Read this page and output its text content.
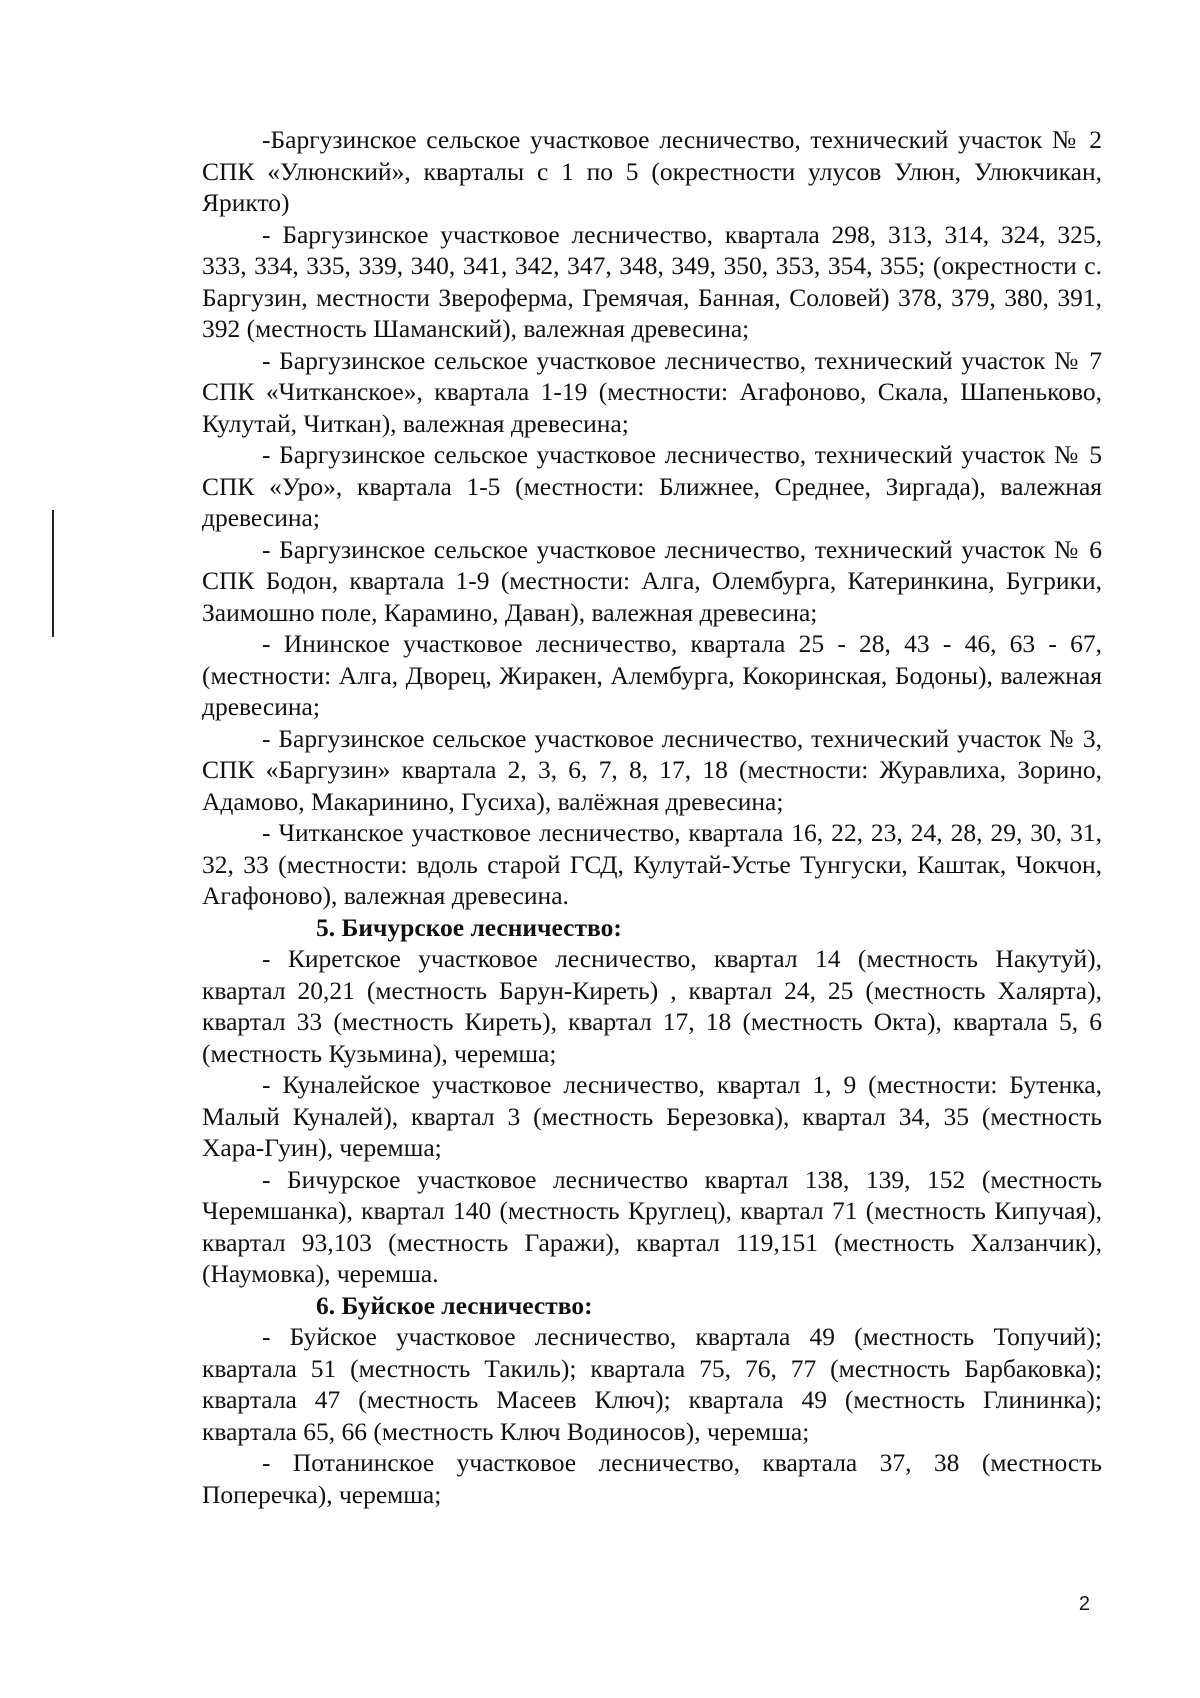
-Баргузинское сельское участковое лесничество, технический участок № 2 СПК «Улюнский», кварталы с 1 по 5 (окрестности улусов Улюн, Улюкчикан, Ярикто)

- Баргузинское участковое лесничество, квартала 298, 313, 314, 324, 325, 333, 334, 335, 339, 340, 341, 342, 347, 348, 349, 350, 353, 354, 355; (окрестности с. Баргузин, местности Звероферма, Гремячая, Банная, Соловей) 378, 379, 380, 391, 392 (местность Шаманский), валежная древесина;

- Баргузинское сельское участковое лесничество, технический участок № 7 СПК «Читканское», квартала 1-19 (местности: Агафоново, Скала, Шапеньково, Кулутай, Читкан), валежная древесина;

- Баргузинское сельское участковое лесничество, технический участок № 5 СПК «Уро», квартала 1-5 (местности: Ближнее, Среднее, Зиргада), валежная древесина;

- Баргузинское сельское участковое лесничество, технический участок № 6 СПК Бодон, квартала 1-9 (местности: Алга, Олембурга, Катеринкина, Бугрики, Заимошно поле, Карамино, Даван), валежная древесина;

- Ининское участковое лесничество, квартала 25 - 28, 43 - 46, 63 - 67, (местности: Алга, Дворец, Жиракен, Алембурга, Кокоринская, Бодоны), валежная древесина;

- Баргузинское сельское участковое лесничество, технический участок № 3, СПК «Баргузин» квартала 2, 3, 6, 7, 8, 17, 18 (местности: Журавлиха, Зорино, Адамово, Макаринино, Гусиха), валёжная древесина;

- Читканское участковое лесничество, квартала 16, 22, 23, 24, 28, 29, 30, 31, 32, 33 (местности: вдоль старой ГСД, Кулутай-Устье Тунгуски, Каштак, Чокчон, Агафоново), валежная древесина.

5. Бичурское лесничество:

- Киретское участковое лесничество, квартал 14 (местность Накутуй), квартал 20,21 (местность Барун-Киреть) , квартал 24, 25 (местность Халярта), квартал 33 (местность Киреть), квартал 17, 18 (местность Окта), квартала 5, 6 (местность Кузьмина), черемша;

- Куналейское участковое лесничество, квартал 1, 9 (местности: Бутенка, Малый Куналей), квартал 3 (местность Березовка), квартал 34, 35 (местность Хара-Гуин), черемша;

- Бичурское участковое лесничество квартал 138, 139, 152 (местность Черемшанка), квартал 140 (местность Круглец), квартал 71 (местность Кипучая), квартал 93,103 (местность Гаражи), квартал 119,151 (местность Халзанчик), (Наумовка), черемша.

6. Буйское лесничество:

- Буйское участковое лесничество, квартала 49 (местность Топучий); квартала 51 (местность Такиль); квартала 75, 76, 77 (местность Барбаковка); квартала 47 (местность Масеев Ключ); квартала 49 (местность Глининка); квартала 65, 66 (местность Ключ Водиносов), черемша;

- Потанинское участковое лесничество, квартала 37, 38 (местность Поперечка), черемша;

2
